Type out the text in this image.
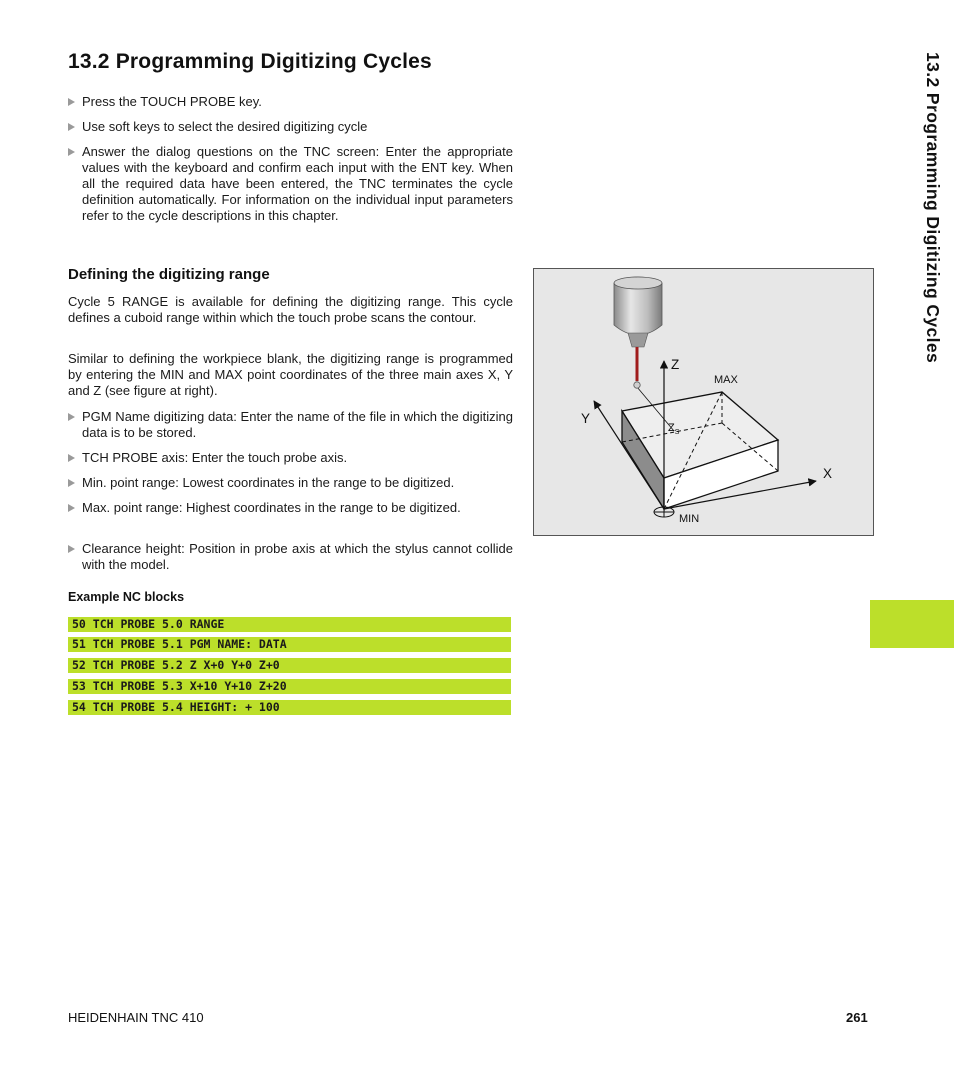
13.2 Programming Digitizing Cycles	13.2 Programming Digitizing Cycles
Press the TOUCH PROBE key.
Use soft keys to select the desired digitizing cycle
Answer the dialog questions on the TNC screen: Enter the appropriate values with the keyboard and confirm each input with the ENT key. When all the required data have been entered, the TNC terminates the cycle definition automatically. For information on the individual input parameters refer to the cycle descriptions in this chapter.
Defining the digitizing range
Cycle 5 RANGE is available for defining the digitizing range. This cycle defines a cuboid range within which the touch probe scans the contour.
Similar to defining the workpiece blank, the digitizing range is programmed by entering the MIN and MAX point coordinates of the three main axes X, Y and Z (see figure at right).
PGM Name digitizing data: Enter the name of the file in which the digitizing data is to be stored.
TCH PROBE axis: Enter the touch probe axis.
Min. point range: Lowest coordinates in the range to be digitized.
Max. point range: Highest coordinates in the range to be digitized.
Clearance height: Position in probe axis at which the stylus cannot collide with the model.
Example NC blocks
50 TCH PROBE 5.0 RANGE
51 TCH PROBE 5.1 PGM NAME: DATA
52 TCH PROBE 5.2 Z X+0 Y+0 Z+0
53 TCH PROBE 5.3 X+10 Y+10 Z+20
54 TCH PROBE 5.4 HEIGHT: + 100
Z
Y
X
MAX
MIN
$Z_S$
HEIDENHAIN TNC 410	261
